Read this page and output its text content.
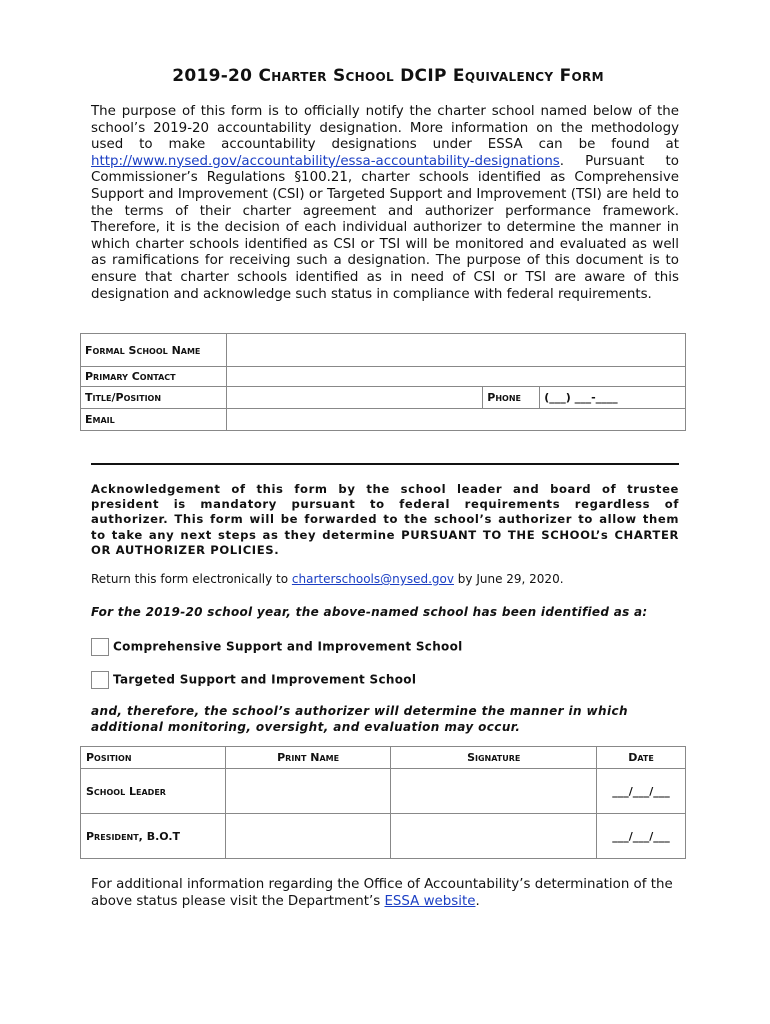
2019-20 Charter School DCIP Equivalency Form
The purpose of this form is to officially notify the charter school named below of the school’s 2019-20 accountability designation. More information on the methodology used to make accountability designations under ESSA can be found at http://www.nysed.gov/accountability/essa-accountability-designations. Pursuant to Commissioner’s Regulations §100.21, charter schools identified as Comprehensive Support and Improvement (CSI) or Targeted Support and Improvement (TSI) are held to the terms of their charter agreement and authorizer performance framework. Therefore, it is the decision of each individual authorizer to determine the manner in which charter schools identified as CSI or TSI will be monitored and evaluated as well as ramifications for receiving such a designation. The purpose of this document is to ensure that charter schools identified as in need of CSI or TSI are aware of this designation and acknowledge such status in compliance with federal requirements.
Formal School Name			
Primary Contact			
Title/Position		Phone	(___) ___-____
Email			
Acknowledgement of this form by the school leader and board of trustee president is mandatory pursuant to federal requirements regardless of authorizer. This form will be forwarded to the school’s authorizer to allow them to take any next steps as they determine PURSUANT TO THE SCHOOL’s CHARTER OR AUTHORIZER POLICIES.
Return this form electronically to charterschools@nysed.gov by June 29, 2020.
For the 2019-20 school year, the above-named school has been identified as a:
Comprehensive Support and Improvement School
Targeted Support and Improvement School
and, therefore, the school’s authorizer will determine the manner in which additional monitoring, oversight, and evaluation may occur.
Position	Print Name	Signature	Date
School Leader			___/___/___
President, B.O.T			___/___/___
For additional information regarding the Office of Accountability’s determination of the above status please visit the Department’s ESSA website.
